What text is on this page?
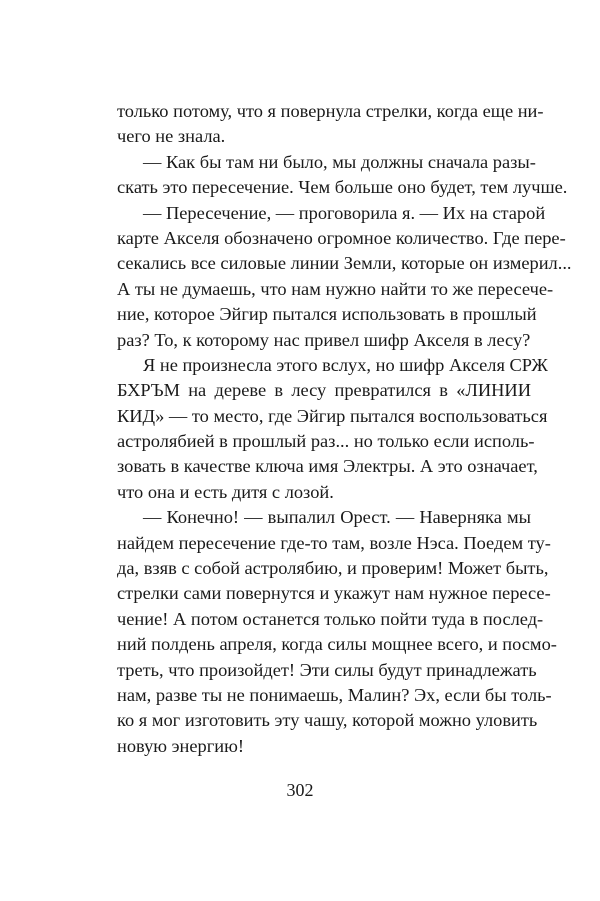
только потому, что я повернула стрелки, когда еще ни-
чего не знала.
— Как бы там ни было, мы должны сначала разы-
скать это пересечение. Чем больше оно будет, тем лучше.
— Пересечение, — проговорила я. — Их на старой
карте Акселя обозначено огромное количество. Где пере-
секались все силовые линии Земли, которые он измерил...
А ты не думаешь, что нам нужно найти то же пересече-
ние, которое Эйгир пытался использовать в прошлый
раз? То, к которому нас привел шифр Акселя в лесу?
Я не произнесла этого вслух, но шифр Акселя СРЖ
БХРЪМ на дереве в лесу превратился в «ЛИНИИ
КИД» — то место, где Эйгир пытался воспользоваться
астролябией в прошлый раз... но только если исполь-
зовать в качестве ключа имя Электры. А это означает,
что она и есть дитя с лозой.
— Конечно! — выпалил Орест. — Наверняка мы
найдем пересечение где-то там, возле Нэса. Поедем ту-
да, взяв с собой астролябию, и проверим! Может быть,
стрелки сами повернутся и укажут нам нужное пересе-
чение! А потом останется только пойти туда в послед-
ний полдень апреля, когда силы мощнее всего, и посмо-
треть, что произойдет! Эти силы будут принадлежать
нам, разве ты не понимаешь, Малин? Эх, если бы толь-
ко я мог изготовить эту чашу, которой можно уловить
новую энергию!
302
